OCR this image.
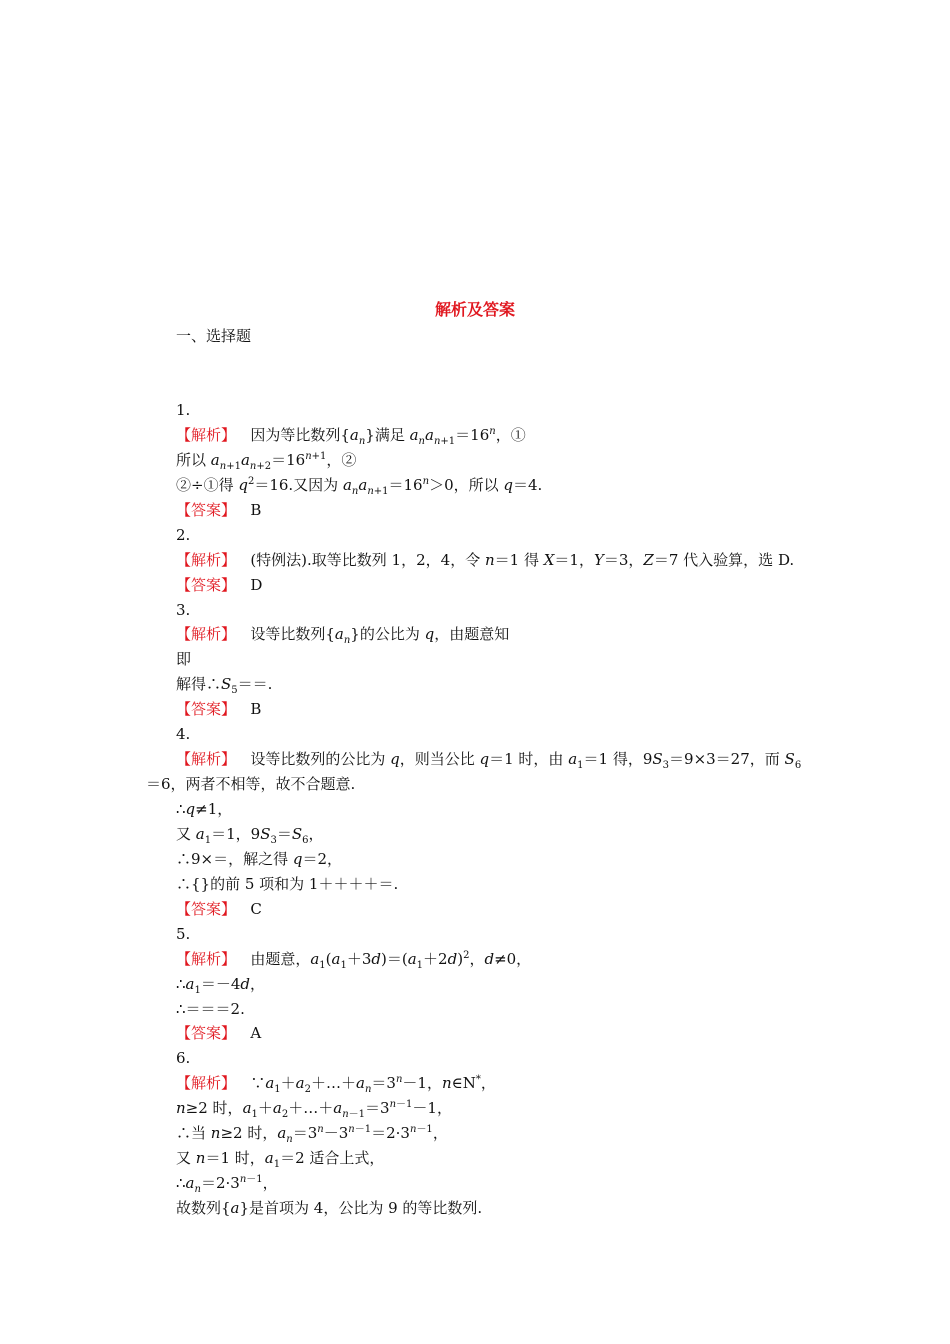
解析及答案
一、选择题
1.
【解析】   因为等比数列$\{a_n\}$满足 $a_na_{n+1}=16^n$，①
所以 $a_{n+1}a_{n+2}=16^{n+1}$，②
②÷①得 $q^2=16$.又因为 $a_na_{n+1}=16^n>0$，所以 q＝4.
【答案】   B
2.
【解析】   (特例法).取等比数列 1，2，4，令 n＝1 得 X＝1，Y＝3，Z＝7 代入验算，选 D.
【答案】   D
3.
【解析】   设等比数列$\{a_n\}$的公比为 q，由题意知
即
解得$\therefore S_5==$.
【答案】   B
4.
【解析】   设等比数列的公比为 q，则当公比 q＝1 时，由 $a_1=1$ 得，$9S_3=9\times 3=27$，而 $S_6$
＝6，两者不相等，故不合题意.
∴q≠1，
又 $a_1=1$，$9S_3=S_6$，
∴9×＝，解之得 q＝2，
∴{}的前 5 项和为 1＋＋＋＋＝.
【答案】   C
5.
【解析】   由题意，$a_1(a_1+3d)=(a_1+2d)^2$，d≠0，
$\therefore a_1=-4d$，
∴＝＝＝2.
【答案】   A
6.
【解析】   $\because a_1+a_2+\dots+a_n=3^n-1$，n∈N*，
n≥2 时，$a_1+a_2+\dots+a_{n-1}=3^{n-1}-1$，
∴当 n≥2 时，$a_n=3^n-3^{n-1}=2\cdot 3^{n-1}$，
又 n＝1 时，$a_1=2$ 适合上式，
$\therefore a_n=2\cdot 3^{n-1}$，
故数列{a}是首项为 4，公比为 9 的等比数列.
